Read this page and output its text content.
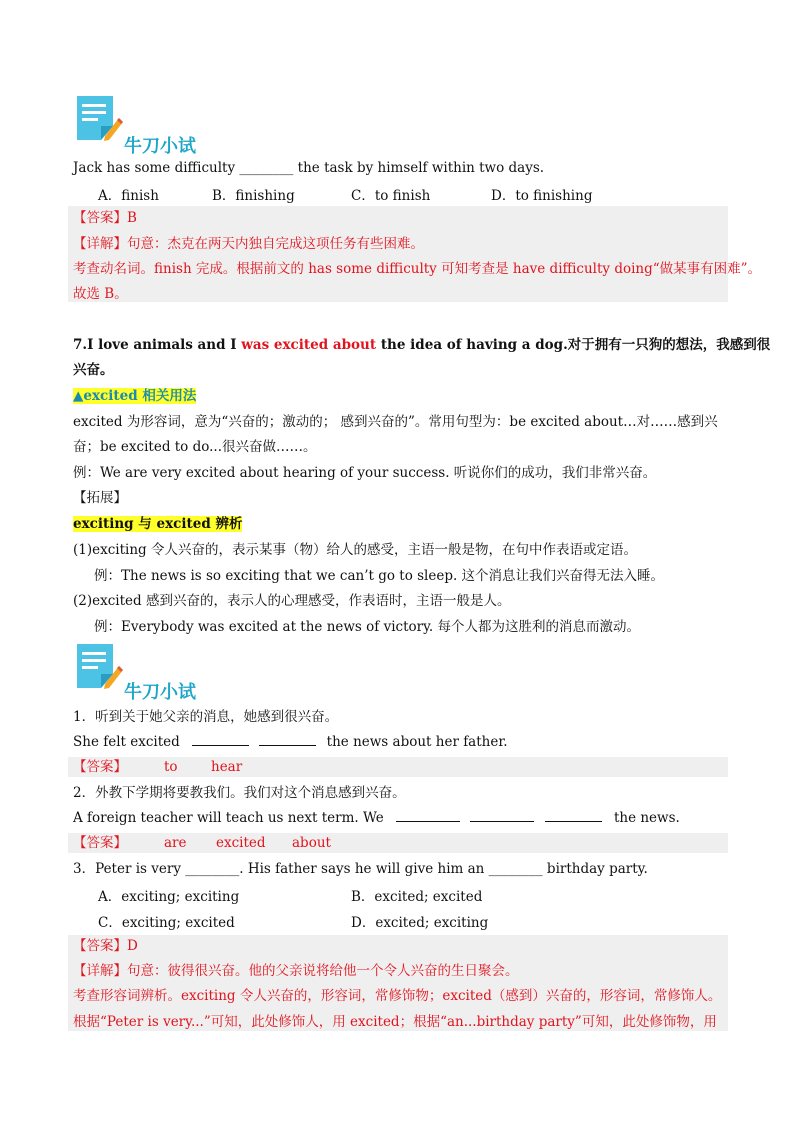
牛刀小试
Jack has some difficulty ________ the task by himself within two days.
A．finish	B．finishing	C．to finish	D．to finishing
【答案】B
【详解】句意：杰克在两天内独自完成这项任务有些困难。
考查动名词。finish 完成。根据前文的 has some difficulty 可知考查是 have difficulty doing“做某事有困难”。
故选 B。
7.I love animals and I was excited about the idea of having a dog.对于拥有一只狗的想法，我感到很
兴奋。
▲excited 相关用法
excited 为形容词，意为“兴奋的；激动的； 感到兴奋的”。常用句型为：be excited about…对……感到兴
奋；be excited to do...很兴奋做……。
例：We are very excited about hearing of your success. 听说你们的成功，我们非常兴奋。
【拓展】
exciting 与 excited 辨析
(1)exciting 令人兴奋的，表示某事（物）给人的感受，主语一般是物，在句中作表语或定语。
例：The news is so exciting that we can’t go to sleep. 这个消息让我们兴奋得无法入睡。
(2)excited 感到兴奋的，表示人的心理感受，作表语时，主语一般是人。
例：Everybody was excited at the news of victory. 每个人都为这胜利的消息而激动。
牛刀小试
1．听到关于她父亲的消息，她感到很兴奋。
She felt excited	the news about her father.
【答案】	to hear
2．外教下学期将要教我们。我们对这个消息感到兴奋。
A foreign teacher will teach us next term. We	the news.
【答案】	are excited about
3．Peter is very ________. His father says he will give him an ________ birthday party.
A．exciting; exciting	B．excited; excited
C．exciting; excited	D．excited; exciting
【答案】D
【详解】句意：彼得很兴奋。他的父亲说将给他一个令人兴奋的生日聚会。
考查形容词辨析。exciting 令人兴奋的，形容词，常修饰物；excited（感到）兴奋的，形容词，常修饰人。
根据“Peter is very...”可知，此处修饰人，用 excited；根据“an...birthday party”可知，此处修饰物，用
